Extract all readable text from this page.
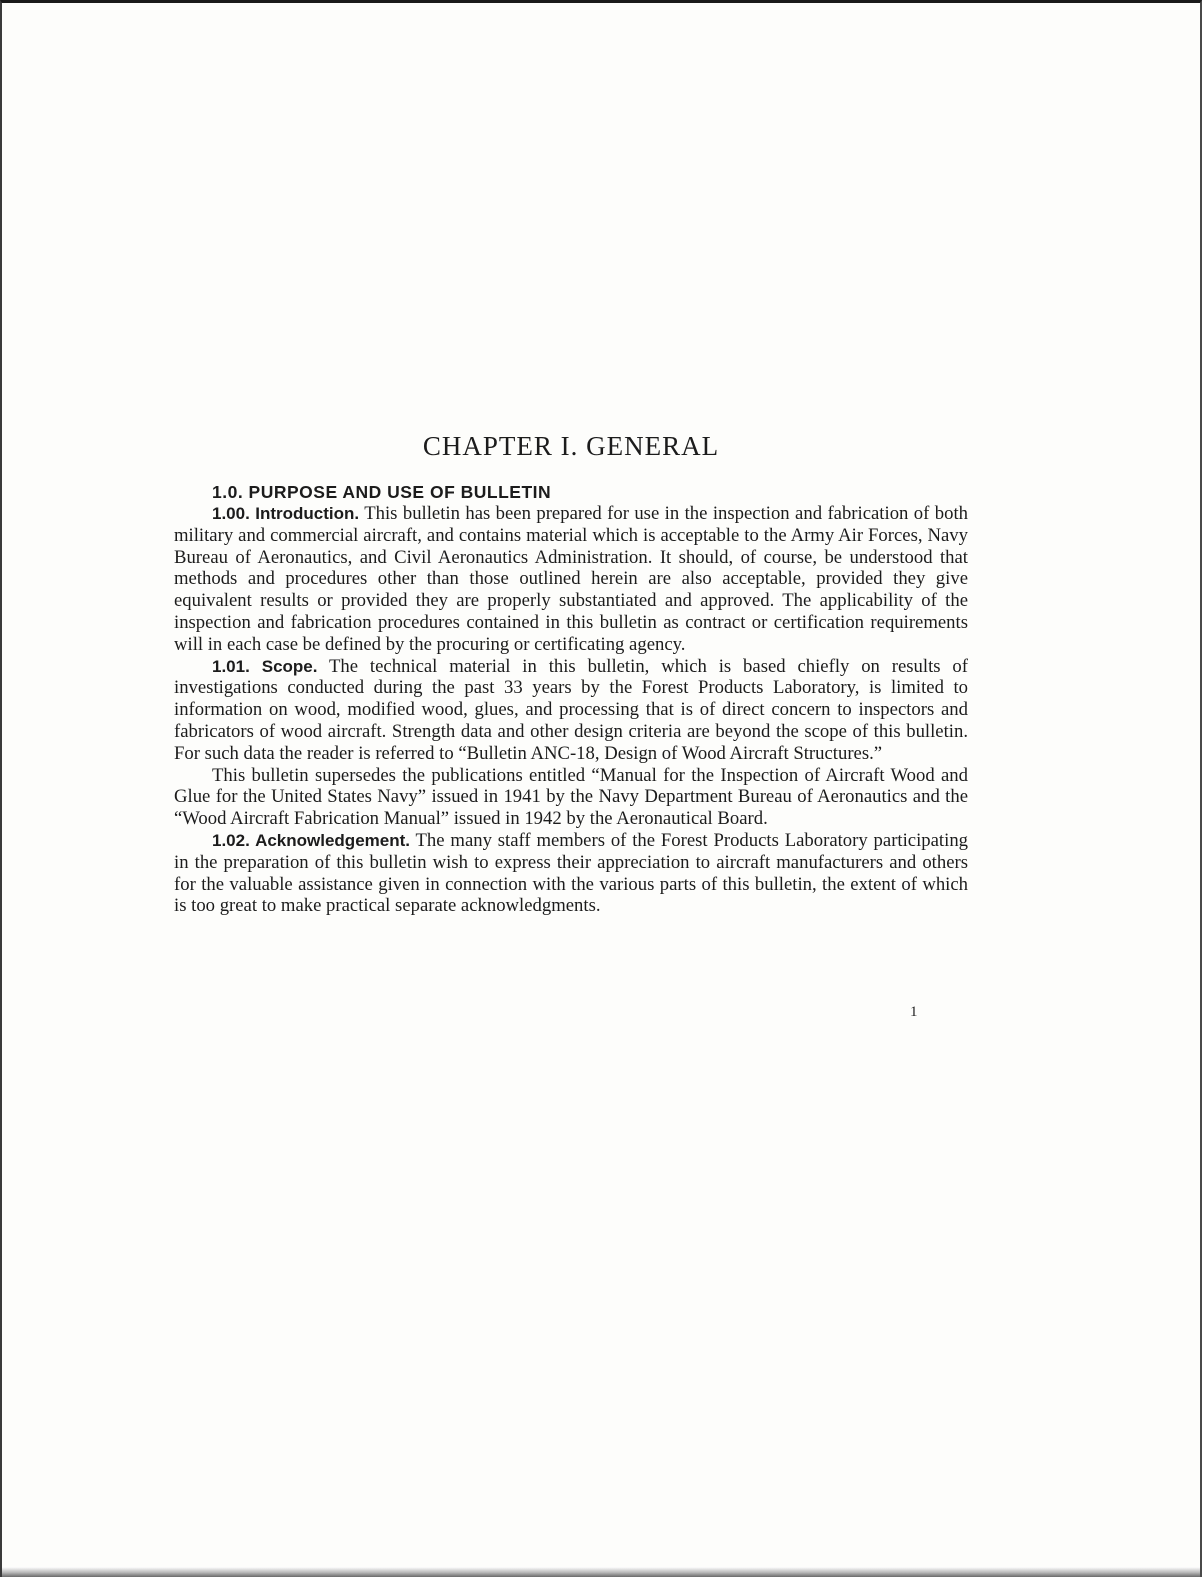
CHAPTER I. GENERAL
1.0. PURPOSE AND USE OF BULLETIN

1.00. Introduction. This bulletin has been prepared for use in the inspection and fabrication of both military and commercial aircraft, and contains material which is acceptable to the Army Air Forces, Navy Bureau of Aeronautics, and Civil Aeronautics Administration. It should, of course, be understood that methods and procedures other than those outlined herein are also acceptable, provided they give equivalent results or provided they are properly substantiated and approved. The applicability of the inspection and fabrication procedures contained in this bulletin as contract or certification requirements will in each case be defined by the procuring or certificating agency.

1.01. Scope. The technical material in this bulletin, which is based chiefly on results of investigations conducted during the past 33 years by the Forest Products Laboratory, is limited to information on wood, modified wood, glues, and processing that is of direct concern to inspectors and fabricators of wood aircraft. Strength data and other design criteria are beyond the scope of this bulletin. For such data the reader is referred to “Bulletin ANC-18, Design of Wood Aircraft Structures.”

This bulletin supersedes the publications entitled “Manual for the Inspection of Aircraft Wood and Glue for the United States Navy” issued in 1941 by the Navy Department Bureau of Aeronautics and the “Wood Aircraft Fabrication Manual” issued in 1942 by the Aeronautical Board.

1.02. Acknowledgement. The many staff members of the Forest Products Laboratory participating in the preparation of this bulletin wish to express their appreciation to aircraft manufacturers and others for the valuable assistance given in connection with the various parts of this bulletin, the extent of which is too great to make practical separate acknowledgments.

1
